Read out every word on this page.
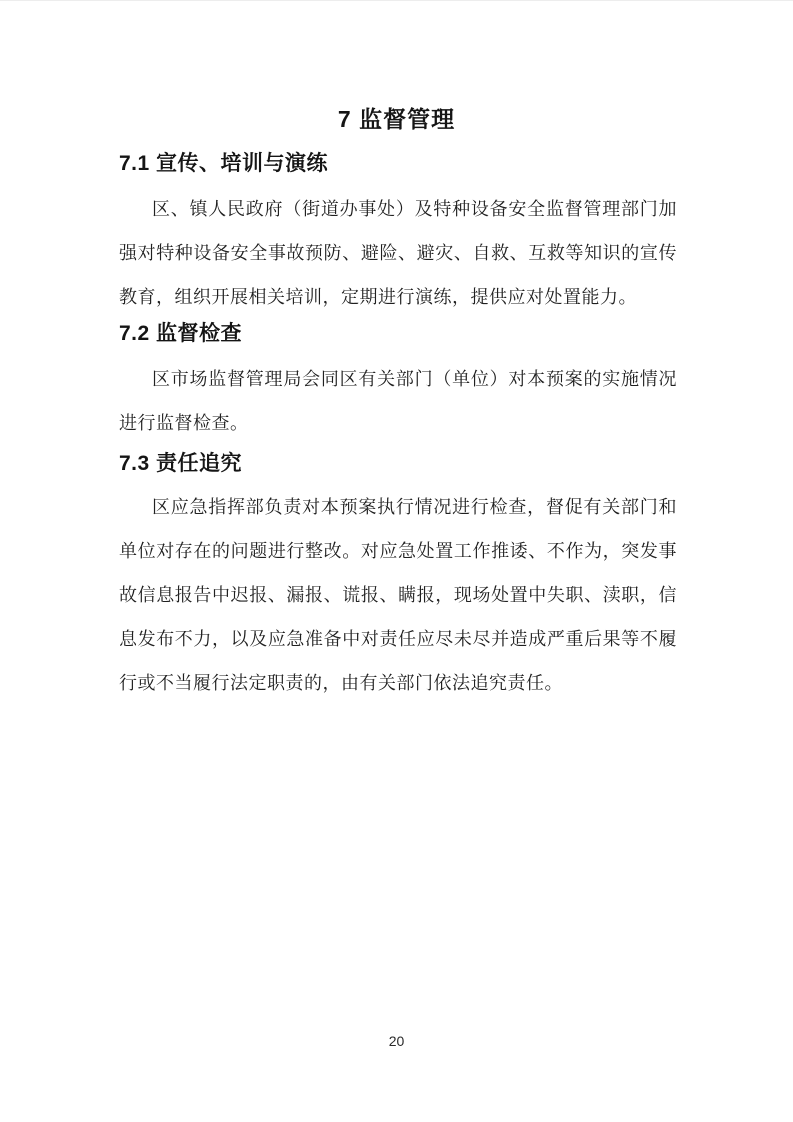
7 监督管理
7.1 宣传、培训与演练
区、镇人民政府（街道办事处）及特种设备安全监督管理部门加
强对特种设备安全事故预防、避险、避灾、自救、互救等知识的宣传
教育，组织开展相关培训，定期进行演练，提供应对处置能力。
7.2 监督检查
区市场监督管理局会同区有关部门（单位）对本预案的实施情况
进行监督检查。
7.3 责任追究
区应急指挥部负责对本预案执行情况进行检查，督促有关部门和
单位对存在的问题进行整改。对应急处置工作推诿、不作为，突发事
故信息报告中迟报、漏报、谎报、瞒报，现场处置中失职、渎职，信
息发布不力，以及应急准备中对责任应尽未尽并造成严重后果等不履
行或不当履行法定职责的，由有关部门依法追究责任。
20
